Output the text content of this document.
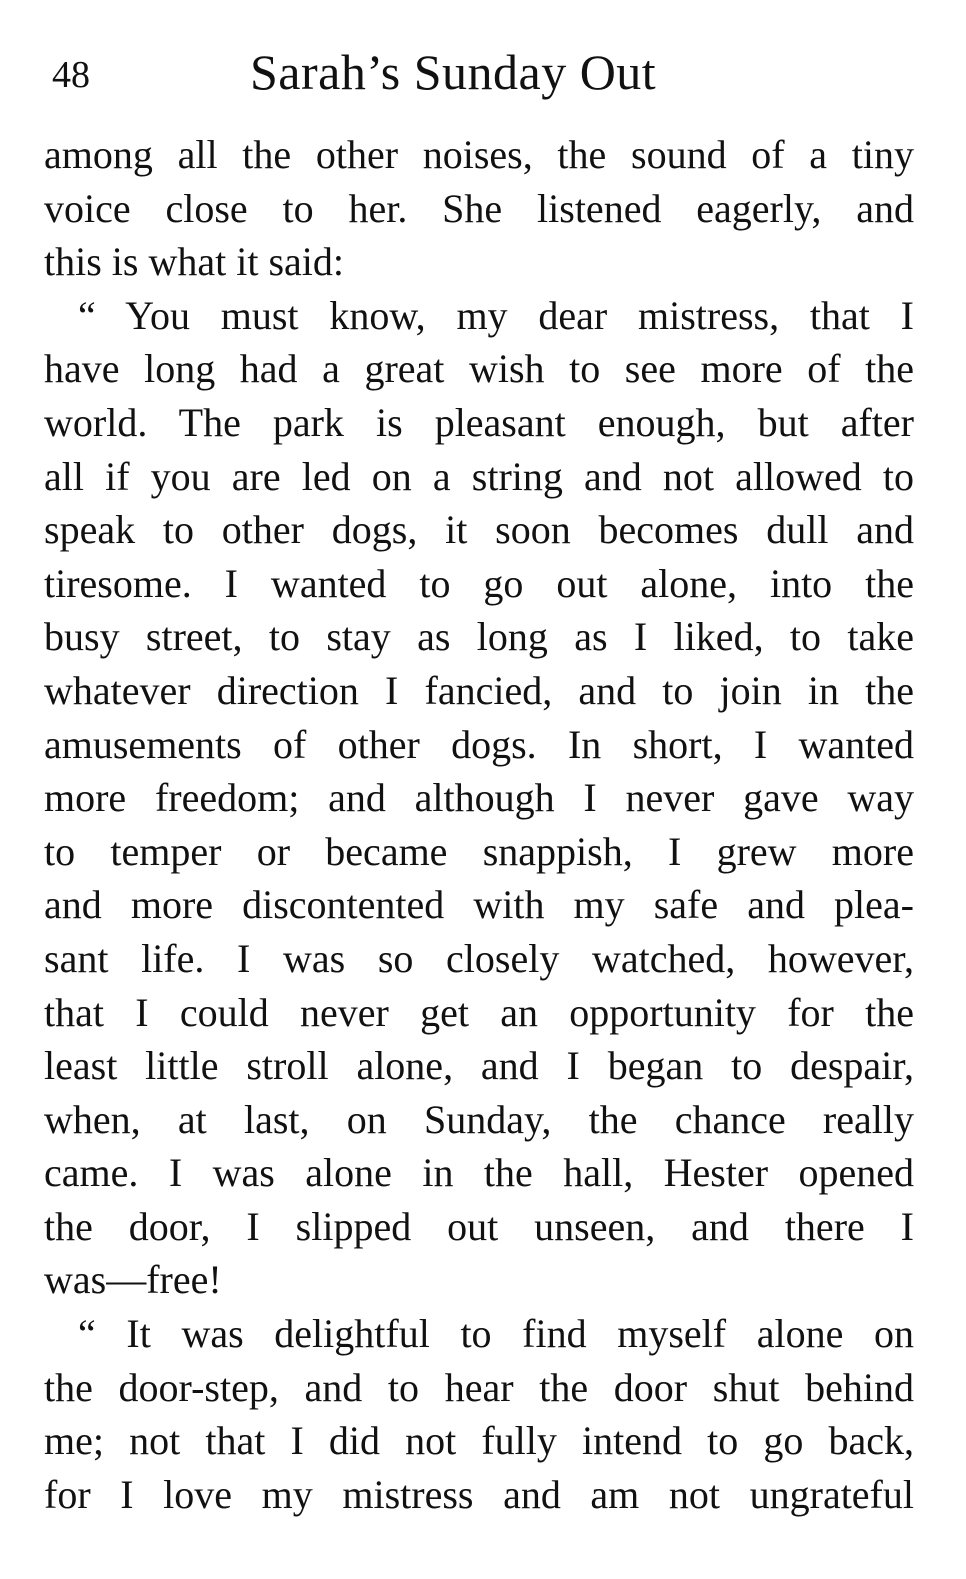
48	Sarah’s Sunday Out
among all the other noises, the sound of a tiny
voice close to her. She listened eagerly, and
this is what it said:
“ You must know, my dear mistress, that I
have long had a great wish to see more of the
world. The park is pleasant enough, but after
all if you are led on a string and not allowed to
speak to other dogs, it soon becomes dull and
tiresome. I wanted to go out alone, into the
busy street, to stay as long as I liked, to take
whatever direction I fancied, and to join in the
amusements of other dogs. In short, I wanted
more freedom; and although I never gave way
to temper or became snappish, I grew more
and more discontented with my safe and plea-
sant life. I was so closely watched, however,
that I could never get an opportunity for the
least little stroll alone, and I began to despair,
when, at last, on Sunday, the chance really
came. I was alone in the hall, Hester opened
the door, I slipped out unseen, and there I
was—free!
“ It was delightful to find myself alone on
the door-step, and to hear the door shut behind
me; not that I did not fully intend to go back,
for I love my mistress and am not ungrateful
